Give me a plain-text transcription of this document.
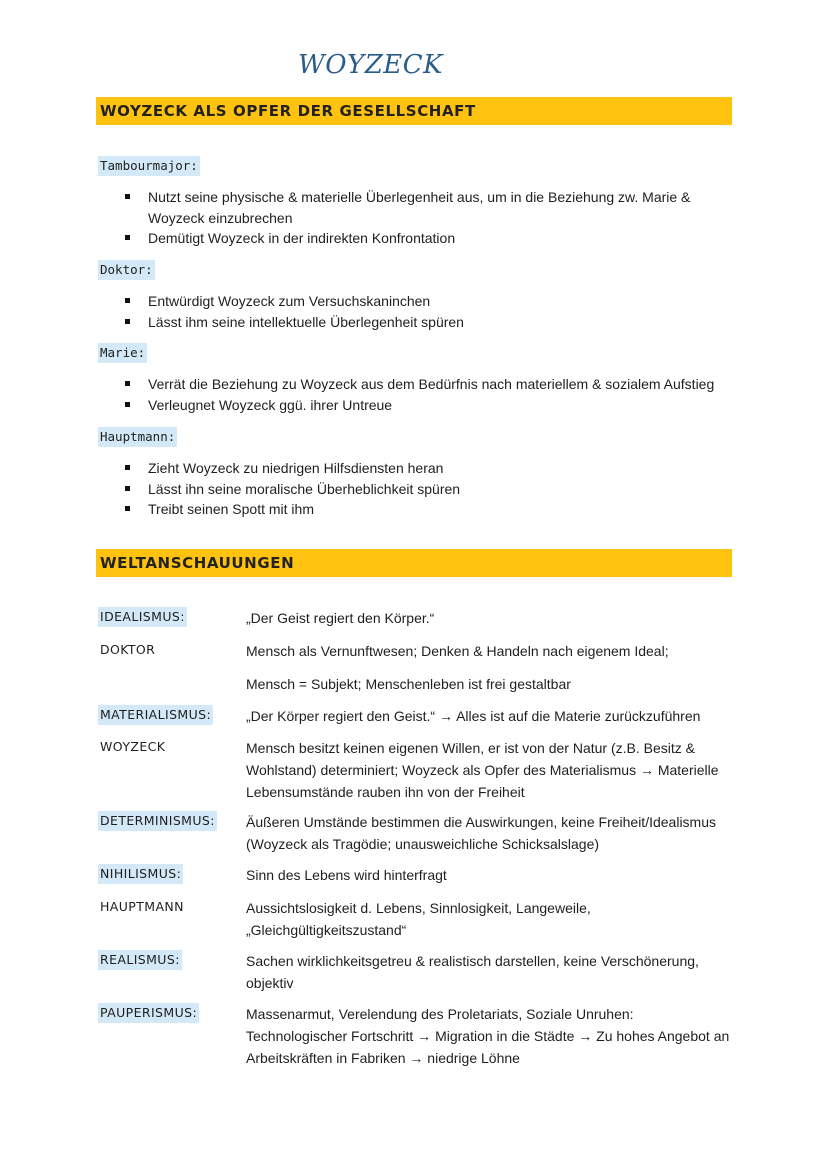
WOYZECK
WOYZECK ALS OPFER DER GESELLSCHAFT
Tambourmajor:
Nutzt seine physische & materielle Überlegenheit aus, um in die Beziehung zw. Marie & Woyzeck einzubrechen
Demütigt Woyzeck in der indirekten Konfrontation
Doktor:
Entwürdigt Woyzeck zum Versuchskaninchen
Lässt ihm seine intellektuelle Überlegenheit spüren
Marie:
Verrät die Beziehung zu Woyzeck aus dem Bedürfnis nach materiellem & sozialem Aufstieg
Verleugnet Woyzeck ggü. ihrer Untreue
Hauptmann:
Zieht Woyzeck zu niedrigen Hilfsdiensten heran
Lässt ihn seine moralische Überheblichkeit spüren
Treibt seinen Spott mit ihm
WELTANSCHAUUNGEN
IDEALISMUS:	„Der Geist regiert den Körper.“
DOKTOR	Mensch als Vernunftwesen; Denken & Handeln nach eigenem Ideal;
Mensch = Subjekt; Menschenleben ist frei gestaltbar
MATERIALISMUS: „Der Körper regiert den Geist.“ → Alles ist auf die Materie zurückzuführen
WOYZECK	Mensch besitzt keinen eigenen Willen, er ist von der Natur (z.B. Besitz & Wohlstand) determiniert; Woyzeck als Opfer des Materialismus → Materielle Lebensumstände rauben ihn von der Freiheit
DETERMINISMUS: Äußeren Umstände bestimmen die Auswirkungen, keine Freiheit/Idealismus (Woyzeck als Tragödie; unausweichliche Schicksalslage)
NIHILISMUS:	Sinn des Lebens wird hinterfragt
HAUPTMANN	Aussichtslosigkeit d. Lebens, Sinnlosigkeit, Langeweile, „Gleichgültigkeitszustand“
REALISMUS:	Sachen wirklichkeitsgetreu & realistisch darstellen, keine Verschönerung, objektiv
PAUPERISMUS:	Massenarmut, Verelendung des Proletariats, Soziale Unruhen: Technologischer Fortschritt → Migration in die Städte → Zu hohes Angebot an Arbeitskräften in Fabriken → niedrige Löhne
